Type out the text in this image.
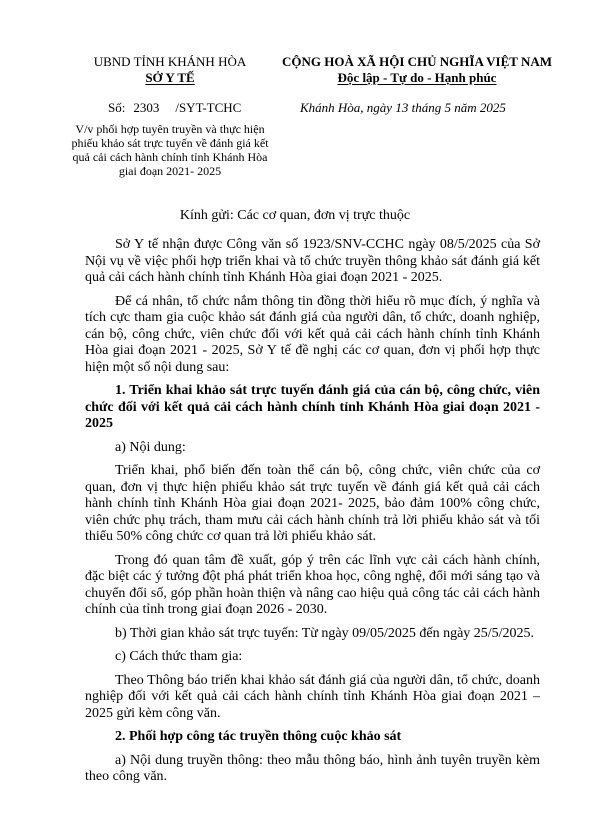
UBND TỈNH KHÁNH HÒA
SỞ Y TẾ
CỘNG HOÀ XÃ HỘI CHỦ NGHĨA VIỆT NAM
Độc lập - Tự do - Hạnh phúc
Số: 2303 /SYT-TCHC	Khánh Hòa, ngày 13 tháng 5 năm 2025
V/v phối hợp tuyên truyền và thực hiện phiếu khảo sát trực tuyến về đánh giá kết quả cải cách hành chính tỉnh Khánh Hòa giai đoạn 2021- 2025
Kính gửi: Các cơ quan, đơn vị trực thuộc

Sở Y tế nhận được Công văn số 1923/SNV-CCHC ngày 08/5/2025 của Sở Nội vụ về việc phối hợp triển khai và tổ chức truyền thông khảo sát đánh giá kết quả cải cách hành chính tỉnh Khánh Hòa giai đoạn 2021 - 2025.

Để cá nhân, tổ chức nắm thông tin đồng thời hiểu rõ mục đích, ý nghĩa và tích cực tham gia cuộc khảo sát đánh giá của người dân, tổ chức, doanh nghiệp, cán bộ, công chức, viên chức đối với kết quả cải cách hành chính tỉnh Khánh Hòa giai đoạn 2021 - 2025, Sở Y tế đề nghị các cơ quan, đơn vị phối hợp thực hiện một số nội dung sau:

1. Triển khai khảo sát trực tuyến đánh giá của cán bộ, công chức, viên chức đối với kết quả cải cách hành chính tỉnh Khánh Hòa giai đoạn 2021 - 2025

a) Nội dung:

Triển khai, phổ biến đến toàn thể cán bộ, công chức, viên chức của cơ quan, đơn vị thực hiện phiếu khảo sát trực tuyến về đánh giá kết quả cải cách hành chính tỉnh Khánh Hòa giai đoạn 2021- 2025, bảo đảm 100% công chức, viên chức phụ trách, tham mưu cải cách hành chính trả lời phiếu khảo sát và tối thiểu 50% công chức cơ quan trả lời phiếu khảo sát.

Trong đó quan tâm đề xuất, góp ý trên các lĩnh vực cải cách hành chính, đặc biệt các ý tưởng đột phá phát triển khoa học, công nghệ, đổi mới sáng tạo và chuyển đổi số, góp phần hoàn thiện và nâng cao hiệu quả công tác cải cách hành chính của tỉnh trong giai đoạn 2026 - 2030.

b) Thời gian khảo sát trực tuyến: Từ ngày 09/05/2025 đến ngày 25/5/2025.

c) Cách thức tham gia:

Theo Thông báo triển khai khảo sát đánh giá của người dân, tổ chức, doanh nghiệp đối với kết quả cải cách hành chính tỉnh Khánh Hòa giai đoạn 2021 – 2025 gửi kèm công văn.

2. Phối hợp công tác truyền thông cuộc khảo sát

a) Nội dung truyền thông: theo mẫu thông báo, hình ảnh tuyên truyền kèm theo công văn.
